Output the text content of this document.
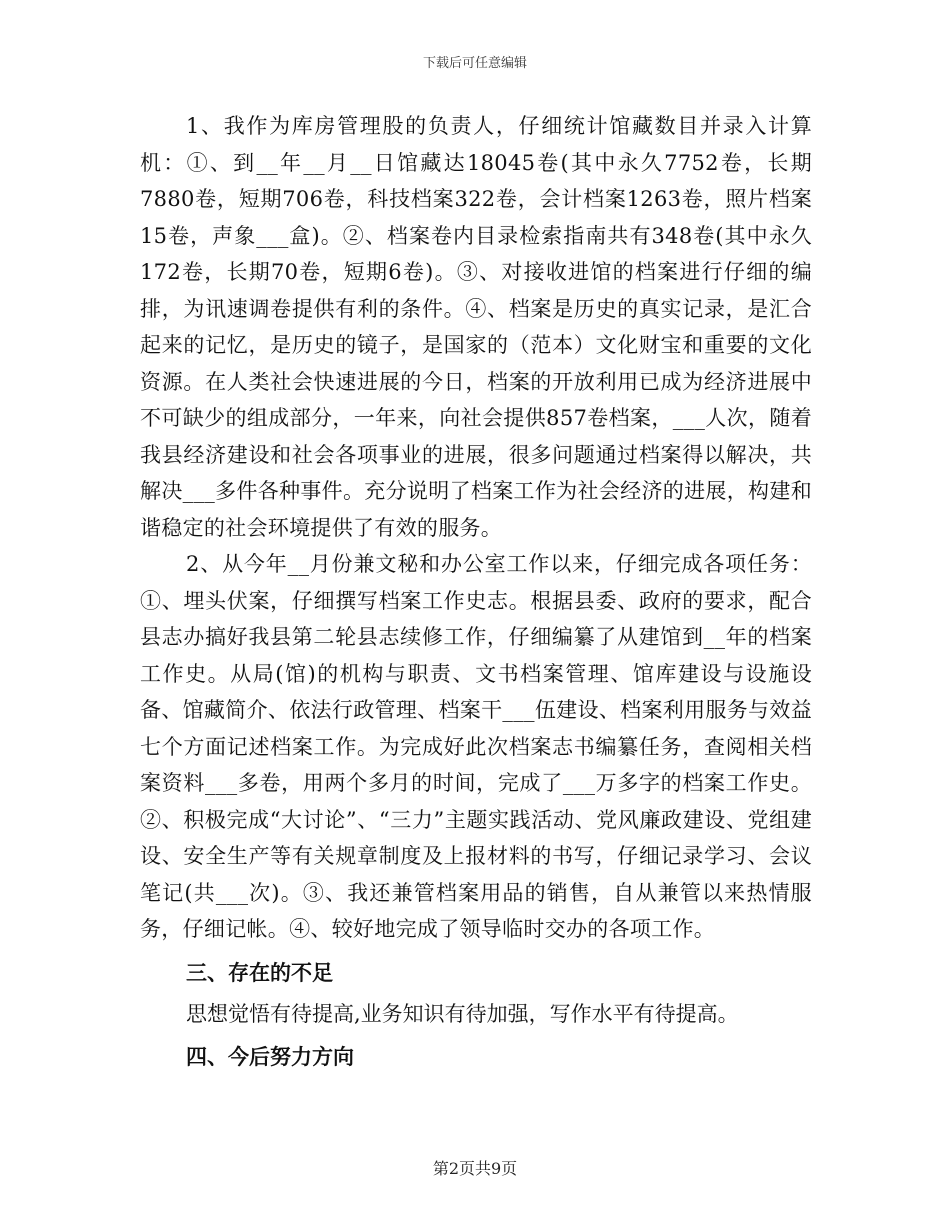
下载后可任意编辑

1、我作为库房管理股的负责人，仔细统计馆藏数目并录入计算机：①、到__年__月__日馆藏达18045卷(其中永久7752卷，长期7880卷，短期706卷，科技档案322卷，会计档案1263卷，照片档案15卷，声象___盒)。②、档案卷内目录检索指南共有348卷(其中永久172卷，长期70卷，短期6卷)。③、对接收进馆的档案进行仔细的编排，为讯速调卷提供有利的条件。④、档案是历史的真实记录，是汇合起来的记忆，是历史的镜子，是国家的（范本）文化财宝和重要的文化资源。在人类社会快速进展的今日，档案的开放利用已成为经济进展中不可缺少的组成部分，一年来，向社会提供857卷档案，___人次，随着我县经济建设和社会各项事业的进展，很多问题通过档案得以解决，共解决___多件各种事件。充分说明了档案工作为社会经济的进展，构建和谐稳定的社会环境提供了有效的服务。

2、从今年__月份兼文秘和办公室工作以来，仔细完成各项任务：①、埋头伏案，仔细撰写档案工作史志。根据县委、政府的要求，配合县志办搞好我县第二轮县志续修工作，仔细编纂了从建馆到__年的档案工作史。从局(馆)的机构与职责、文书档案管理、馆库建设与设施设备、馆藏简介、依法行政管理、档案干___伍建设、档案利用服务与效益七个方面记述档案工作。为完成好此次档案志书编纂任务，查阅相关档案资料___多卷，用两个多月的时间，完成了___万多字的档案工作史。②、积极完成“大讨论”、“三力”主题实践活动、党风廉政建设、党组建设、安全生产等有关规章制度及上报材料的书写，仔细记录学习、会议笔记(共___次)。③、我还兼管档案用品的销售，自从兼管以来热情服务，仔细记帐。④、较好地完成了领导临时交办的各项工作。

三、存在的不足

思想觉悟有待提高,业务知识有待加强，写作水平有待提高。

四、今后努力方向
第2页共9页
